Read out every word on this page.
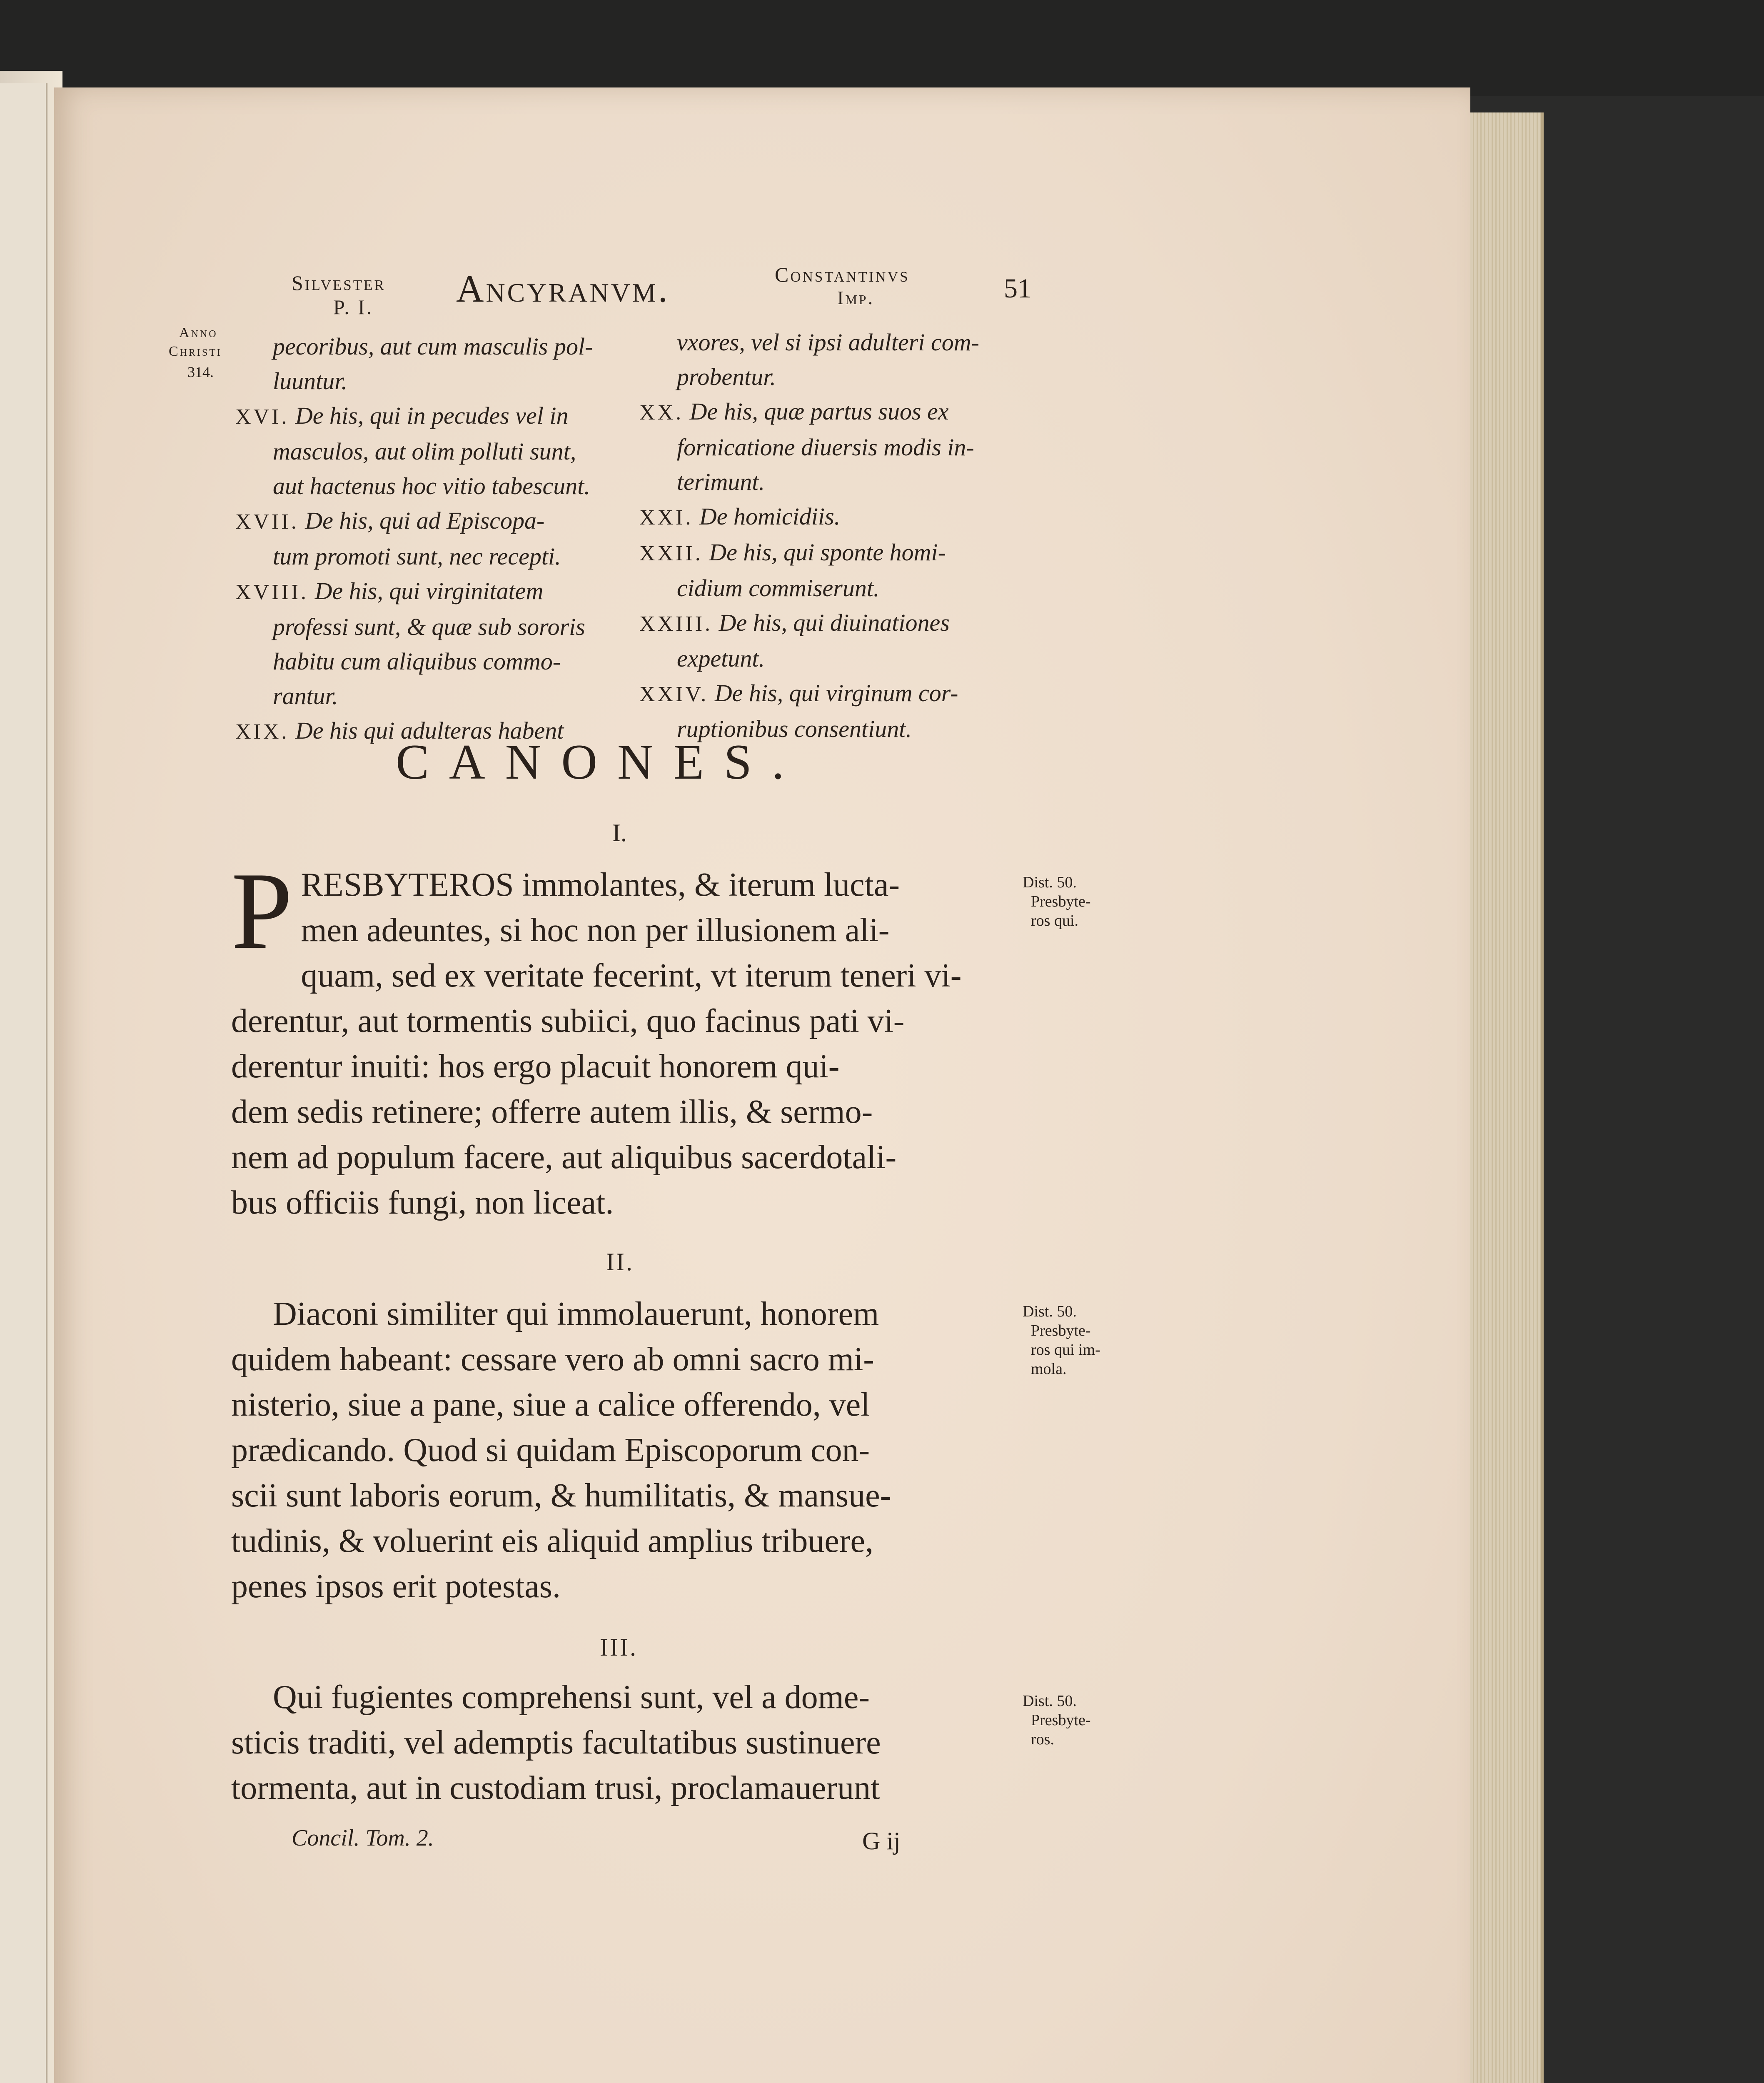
Silvester
P. I. Ancyranvm.	Constantinvs
Imp.	51
Anno
Christi
314.
pecoribus, aut cum masculis pol-
luuntur.
XVI. De his, qui in pecudes vel in
masculos, aut olim polluti sunt,
aut hactenus hoc vitio tabescunt.
XVII. De his, qui ad Episcopa-
tum promoti sunt, nec recepti.
XVIII. De his, qui virginitatem
professi sunt, & quæ sub sororis
habitu cum aliquibus commo-
rantur.
XIX. De his qui adulteras habent
vxores, vel si ipsi adulteri com-
probentur.
XX. De his, quæ partus suos ex
fornicatione diuersis modis in-
terimunt.
XXI. De homicidiis.
XXII. De his, qui sponte homi-
cidium commiserunt.
XXIII. De his, qui diuinationes
expetunt.
XXIV. De his, qui virginum cor-
ruptionibus consentiunt.
CANONES.
I.
P RESBYTEROS immolantes, & iterum lucta-
men adeuntes, si hoc non per illusionem ali-
quam, sed ex veritate fecerint, vt iterum teneri vi-
derentur, aut tormentis subiici, quo facinus pati vi-
derentur inuiti: hos ergo placuit honorem qui-
dem sedis retinere; offerre autem illis, & sermo-
nem ad populum facere, aut aliquibus sacerdotali-
bus officiis fungi, non liceat.
Dist. 50.
Presbyte-
ros qui.
II.
Diaconi similiter qui immolauerunt, honorem
quidem habeant: cessare vero ab omni sacro mi-
nisterio, siue a pane, siue a calice offerendo, vel
prædicando. Quod si quidam Episcoporum con-
scii sunt laboris eorum, & humilitatis, & mansue-
tudinis, & voluerint eis aliquid amplius tribuere,
penes ipsos erit potestas.
Dist. 50.
Presbyte-
ros qui im-
mola.
III.
Qui fugientes comprehensi sunt, vel a dome-
sticis traditi, vel ademptis facultatibus sustinuere
tormenta, aut in custodiam trusi, proclamauerunt
Dist. 50.
Presbyte-
ros.
Concil. Tom. 2.	G ij
